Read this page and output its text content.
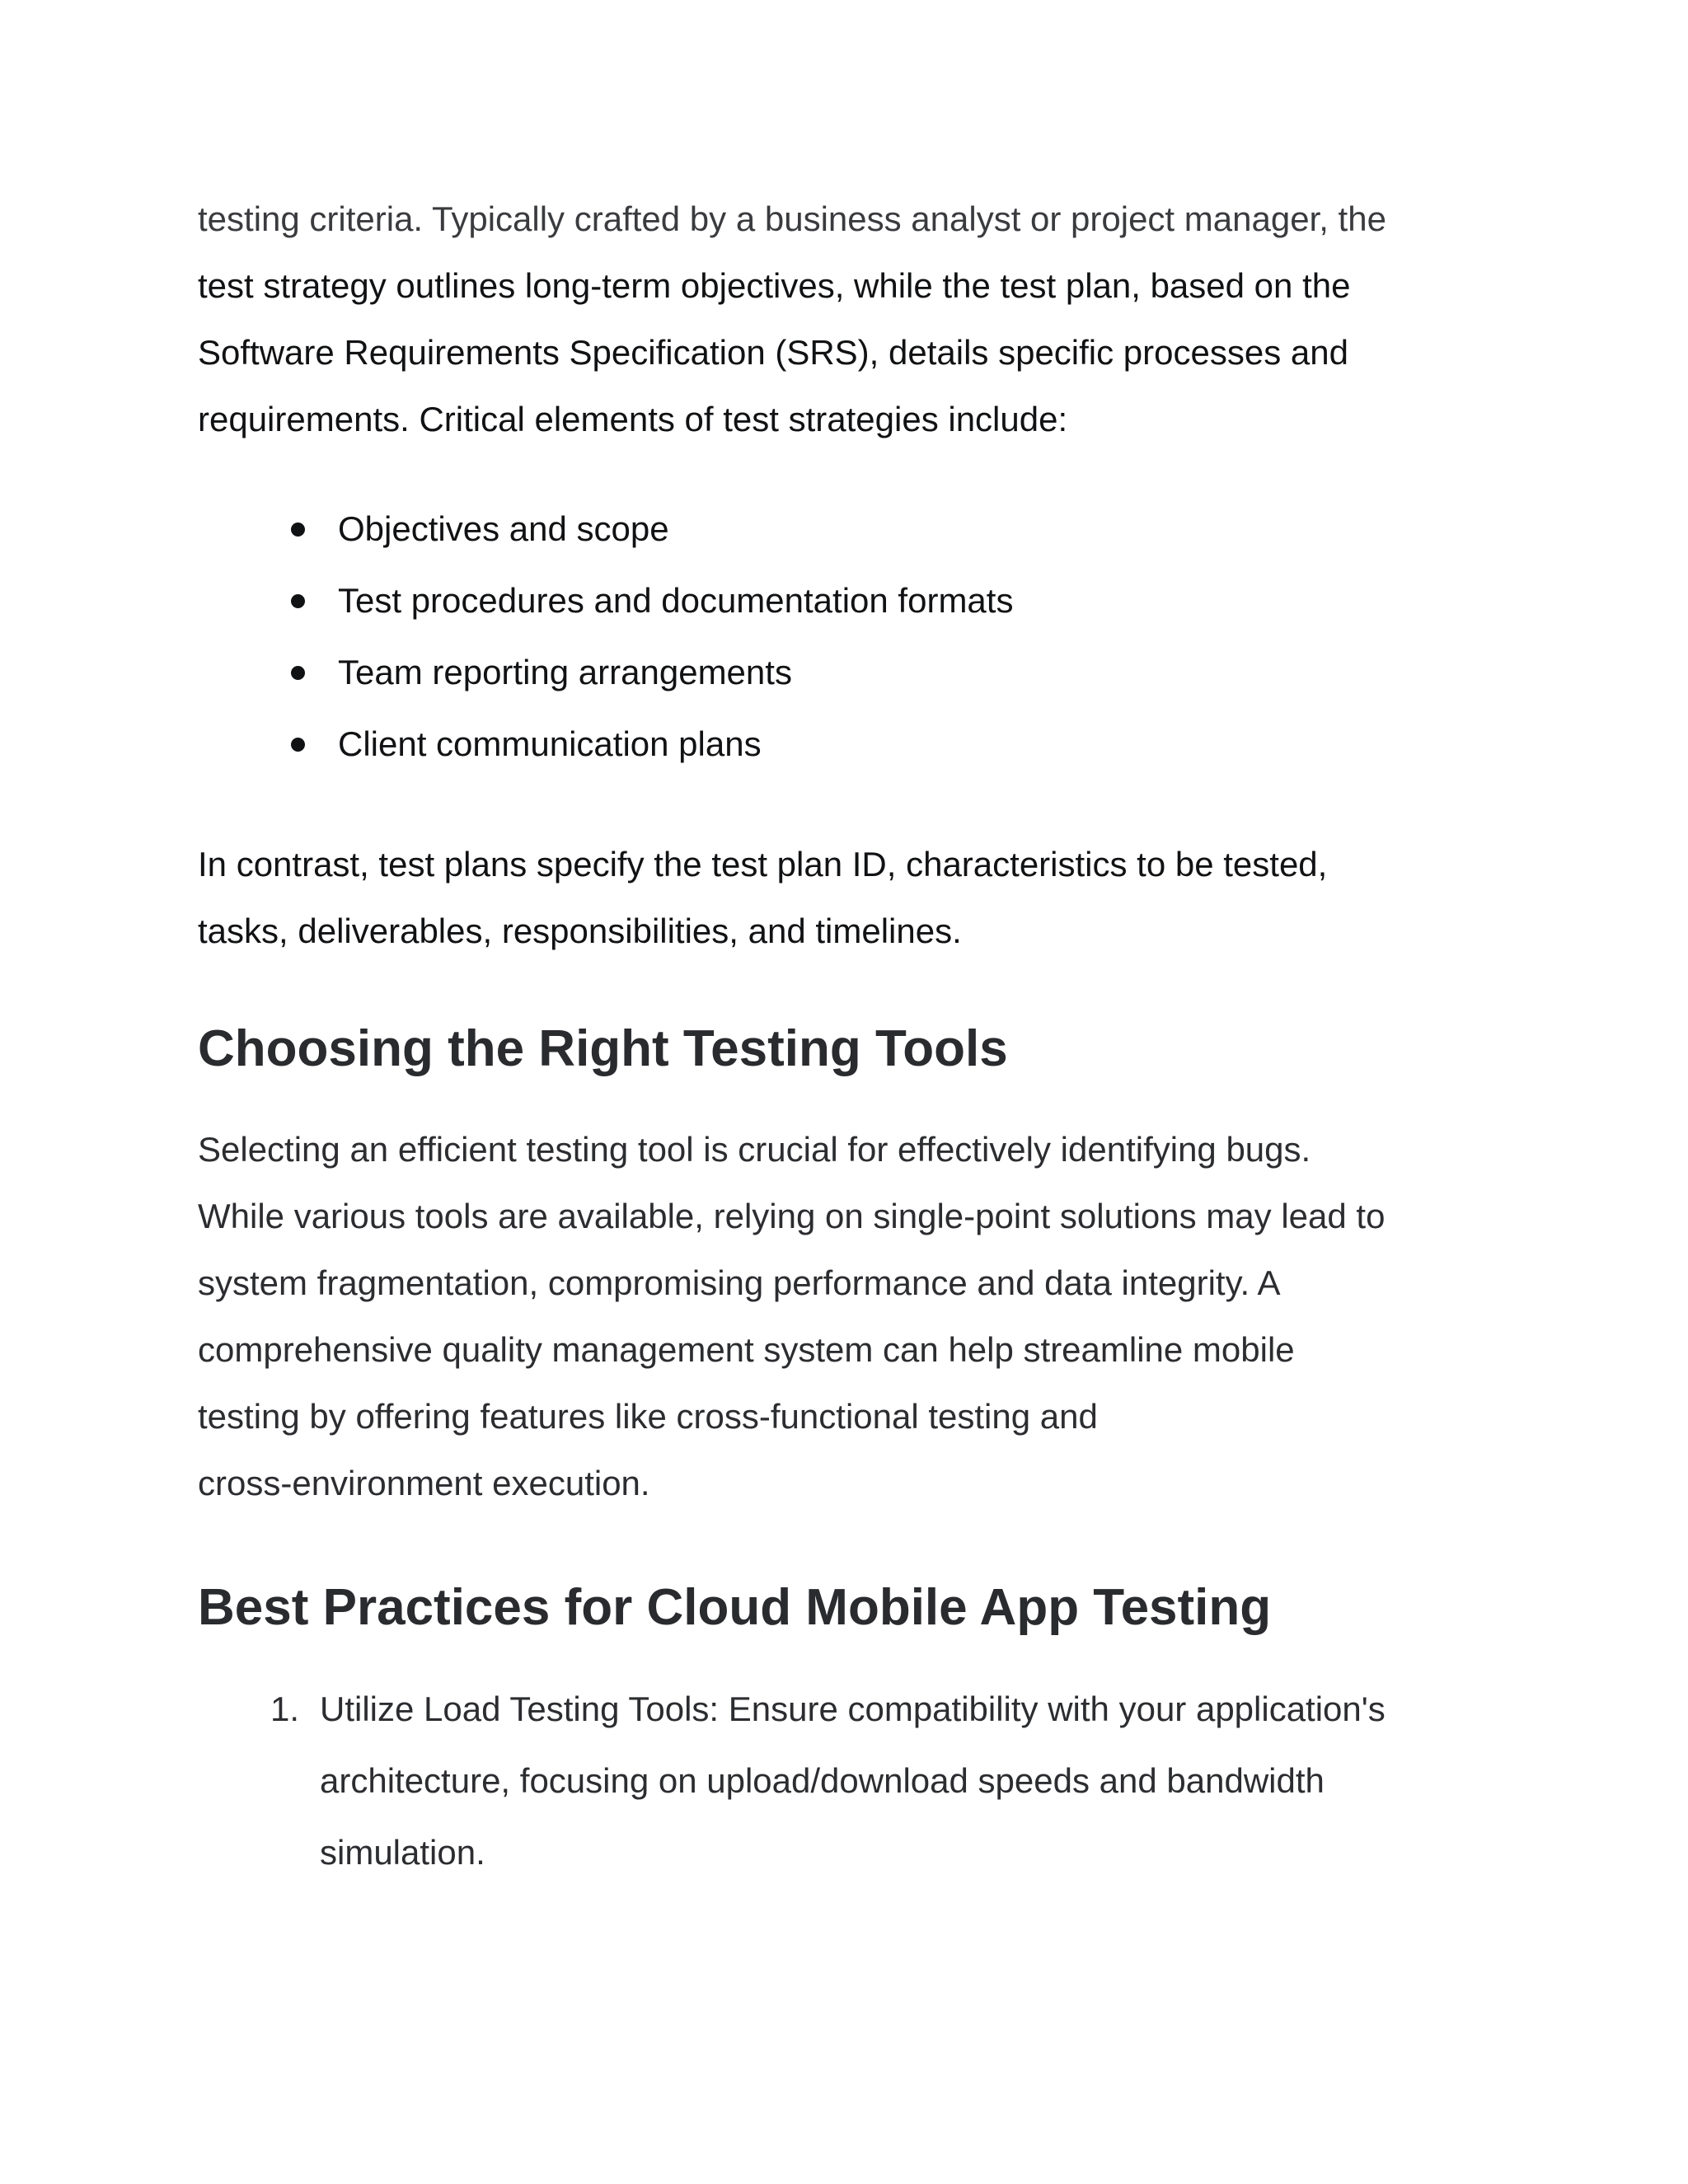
testing criteria. Typically crafted by a business analyst or project manager, the
test strategy outlines long-term objectives, while the test plan, based on the
Software Requirements Specification (SRS), details specific processes and
requirements. Critical elements of test strategies include:
Objectives and scope
Test procedures and documentation formats
Team reporting arrangements
Client communication plans
In contrast, test plans specify the test plan ID, characteristics to be tested,
tasks, deliverables, responsibilities, and timelines.
Choosing the Right Testing Tools
Selecting an efficient testing tool is crucial for effectively identifying bugs.
While various tools are available, relying on single-point solutions may lead to
system fragmentation, compromising performance and data integrity. A
comprehensive quality management system can help streamline mobile
testing by offering features like cross-functional testing and
cross-environment execution.
Best Practices for Cloud Mobile App Testing
1. Utilize Load Testing Tools: Ensure compatibility with your application's
architecture, focusing on upload/download speeds and bandwidth
simulation.
